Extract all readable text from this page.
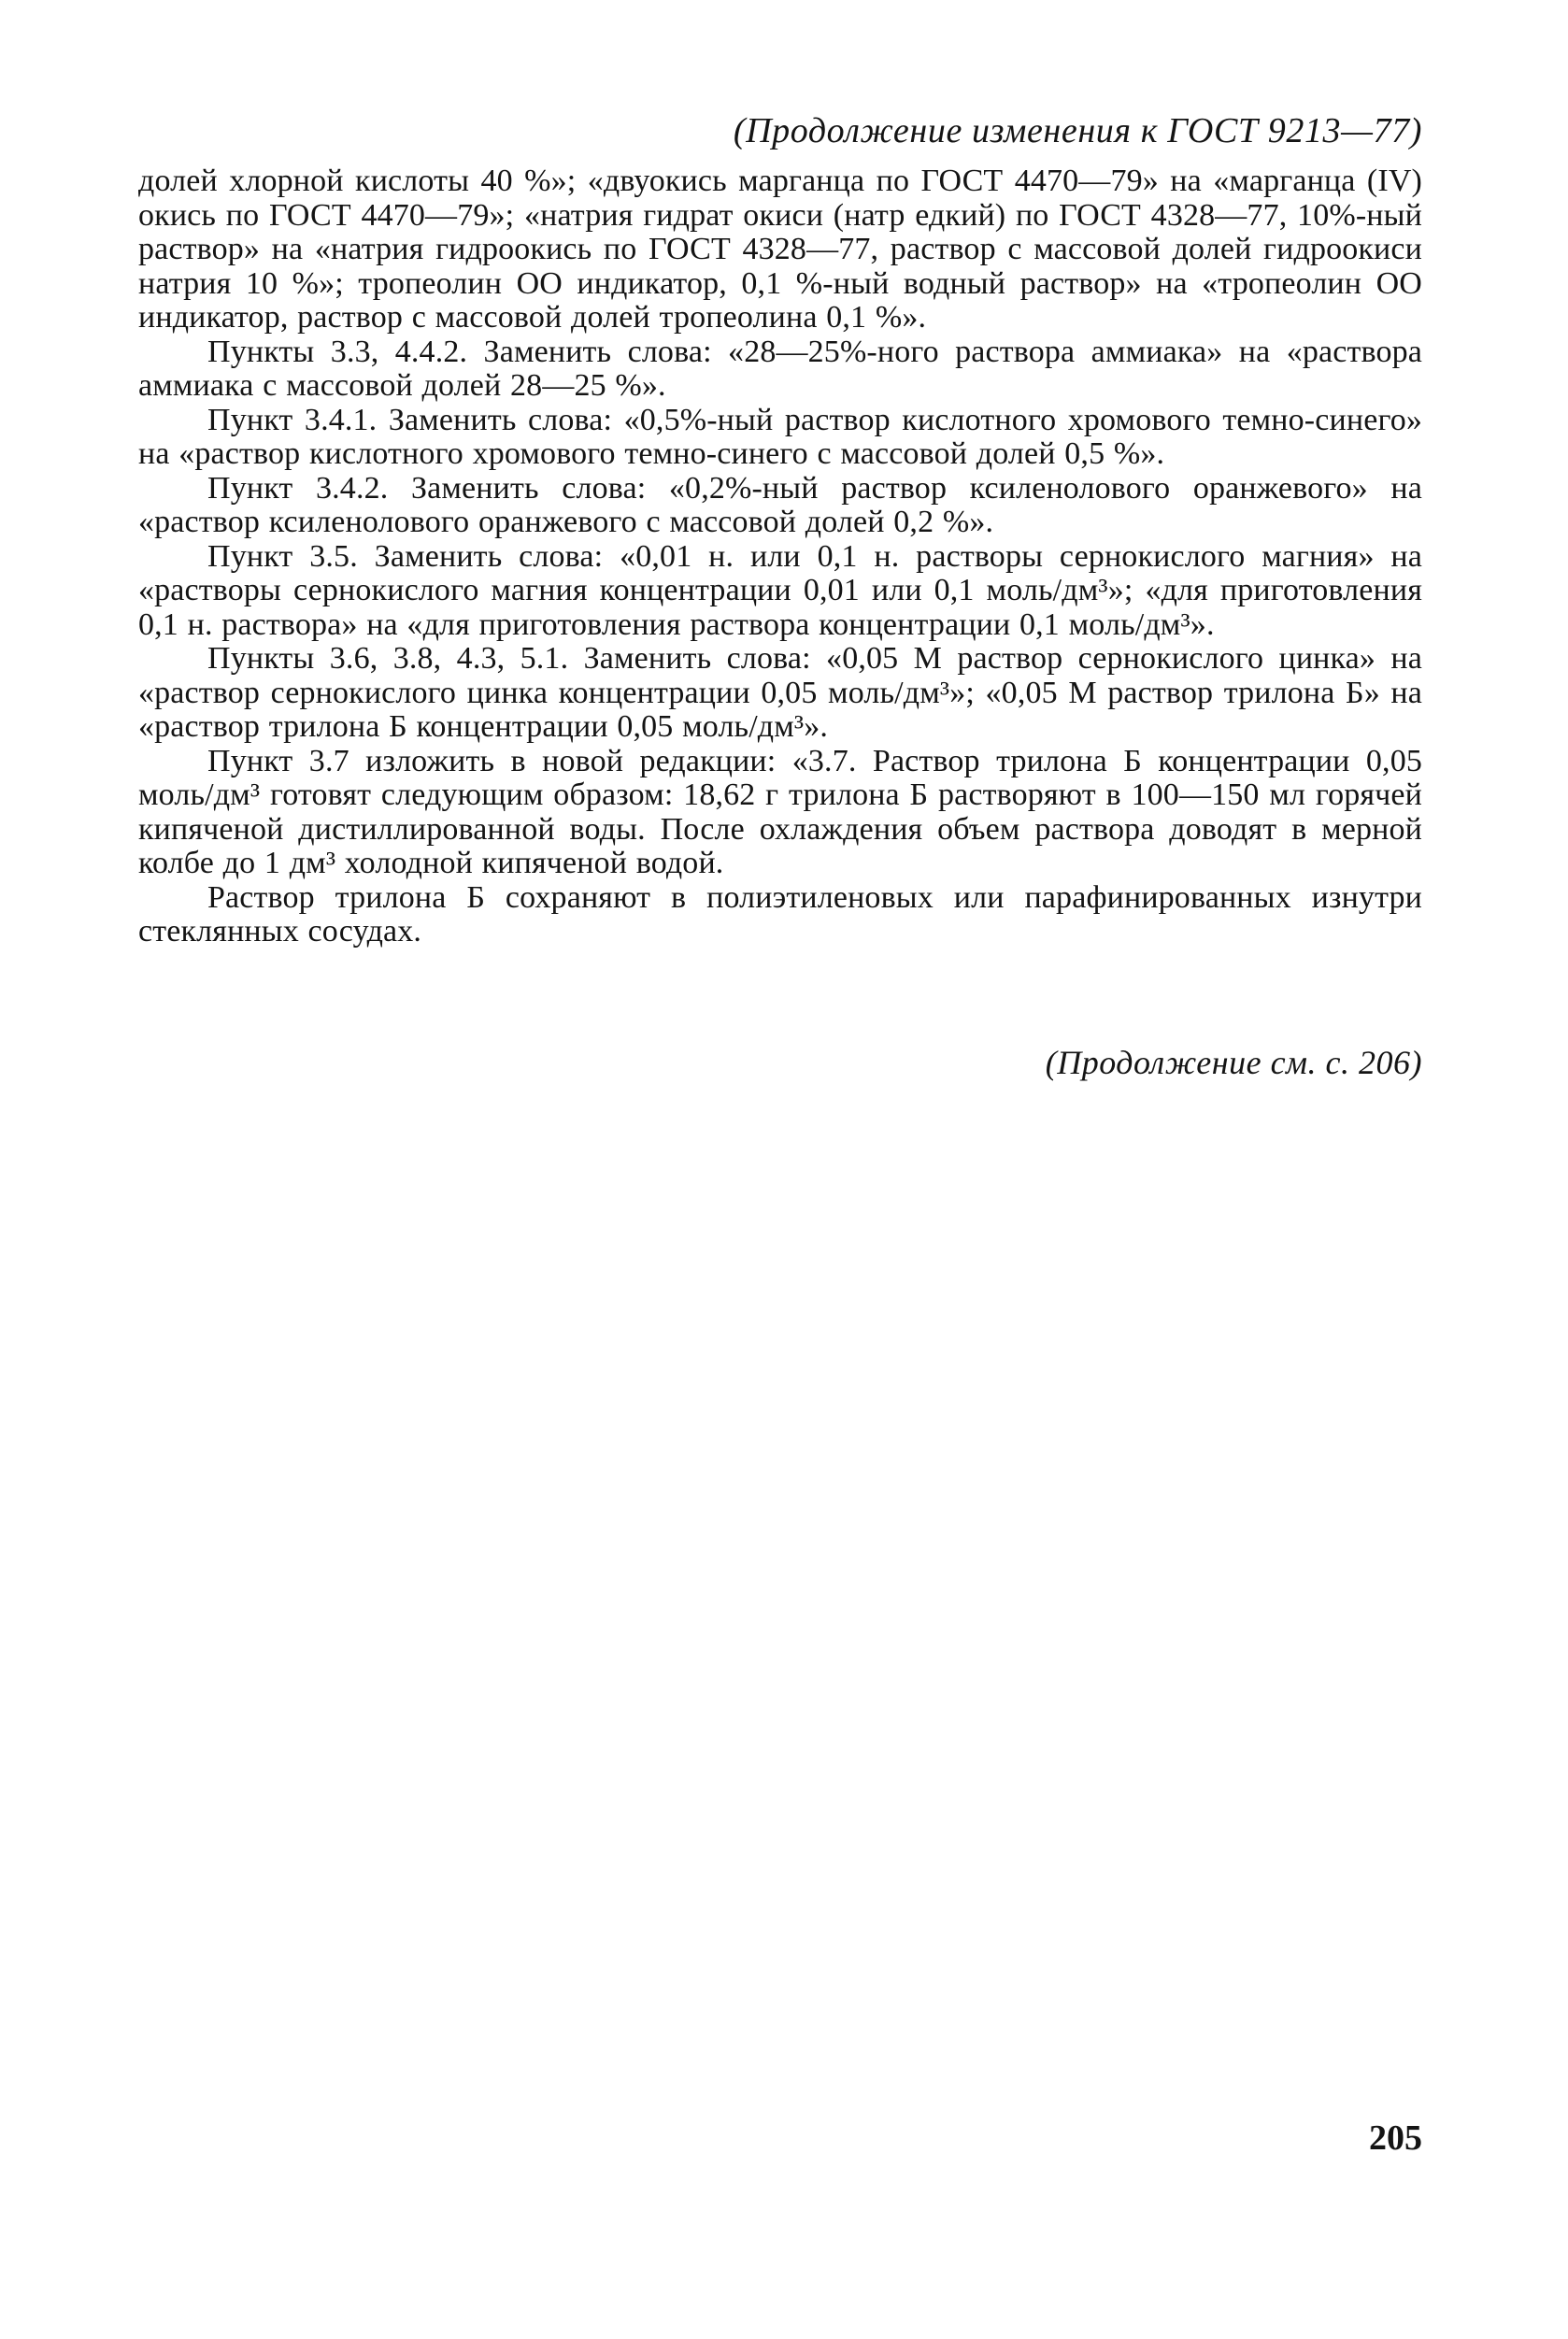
(Продолжение изменения к ГОСТ 9213—77)

долей хлорной кислоты 40 %»; «двуокись марганца по ГОСТ 4470—79» на «марганца (IV) окись по ГОСТ 4470—79»; «натрия гидрат окиси (натр едкий) по ГОСТ 4328—77, 10%-ный раствор» на «натрия гидроокись по ГОСТ 4328—77, раствор с массовой долей гидроокиси натрия 10 %»; тропеолин ОО индикатор, 0,1 %-ный водный раствор» на «тропеолин ОО индикатор, раствор с массовой долей тропеолина 0,1 %».

Пункты 3.3, 4.4.2. Заменить слова: «28—25%-ного раствора аммиака» на «раствора аммиака с массовой долей 28—25 %».

Пункт 3.4.1. Заменить слова: «0,5%-ный раствор кислотного хромового темно-синего» на «раствор кислотного хромового темно-синего с массовой долей 0,5 %».

Пункт 3.4.2. Заменить слова: «0,2%-ный раствор ксиленолового оранжевого» на «раствор ксиленолового оранжевого с массовой долей 0,2 %».

Пункт 3.5. Заменить слова: «0,01 н. или 0,1 н. растворы сернокислого магния» на «растворы сернокислого магния концентрации 0,01 или 0,1 моль/дм³»; «для приготовления 0,1 н. раствора» на «для приготовления раствора концентрации 0,1 моль/дм³».

Пункты 3.6, 3.8, 4.3, 5.1. Заменить слова: «0,05 М раствор сернокислого цинка» на «раствор сернокислого цинка концентрации 0,05 моль/дм³»; «0,05 М раствор трилона Б» на «раствор трилона Б концентрации 0,05 моль/дм³».

Пункт 3.7 изложить в новой редакции: «3.7. Раствор трилона Б концентрации 0,05 моль/дм³ готовят следующим образом: 18,62 г трилона Б растворяют в 100—150 мл горячей кипяченой дистиллированной воды. После охлаждения объем раствора доводят в мерной колбе до 1 дм³ холодной кипяченой водой.

Раствор трилона Б сохраняют в полиэтиленовых или парафинированных изнутри стеклянных сосудах.

(Продолжение см. с. 206)
205
